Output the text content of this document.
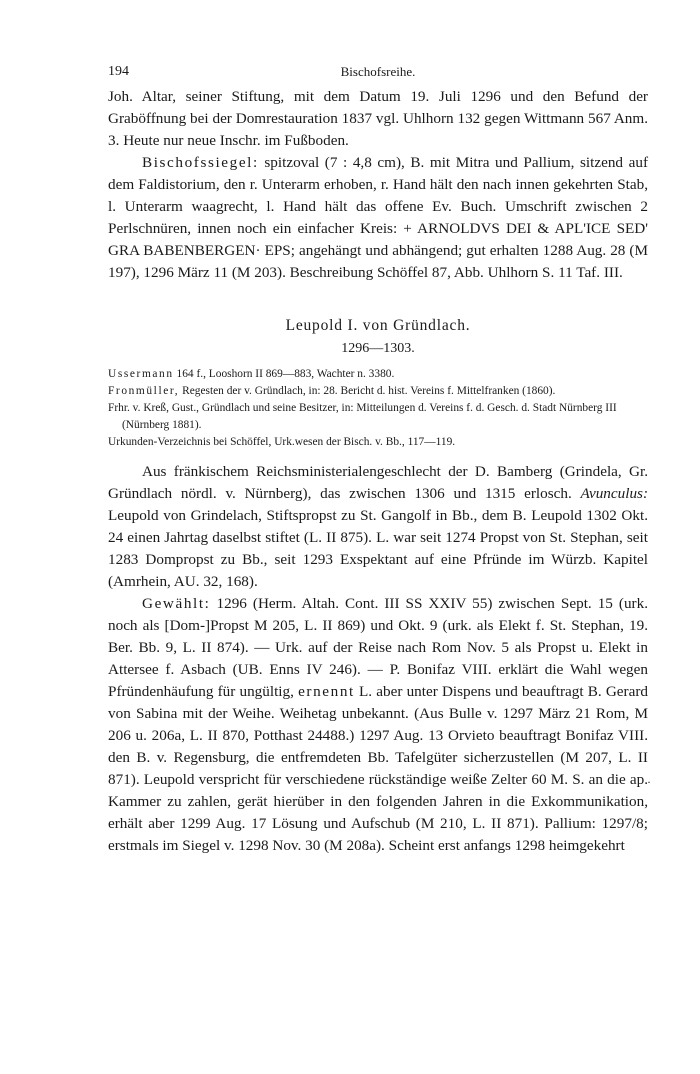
194	Bischofsreihe.

Joh. Altar, seiner Stiftung, mit dem Datum 19. Juli 1296 und den Befund der Graböffnung bei der Domrestauration 1837 vgl. Uhlhorn 132 gegen Wittmann 567 Anm. 3. Heute nur neue Inschr. im Fußboden.

Bischofssiegel: spitzoval (7 : 4,8 cm), B. mit Mitra und Pallium, sitzend auf dem Faldistorium, den r. Unterarm erhoben, r. Hand hält den nach innen gekehrten Stab, l. Unterarm waagrecht, l. Hand hält das offene Ev. Buch. Umschrift zwischen 2 Perlschnüren, innen noch ein einfacher Kreis: + ARNOLDVS DEI & APL'ICE SED' GRA BABENBERGEN· EPS; angehängt und abhängend; gut erhalten 1288 Aug. 28 (M 197), 1296 März 11 (M 203). Beschreibung Schöffel 87, Abb. Uhlhorn S. 11 Taf. III.

Leupold I. von Gründlach.
1296—1303.
Ussermann 164 f., Looshorn II 869—883, Wachter n. 3380.
Fronmüller, Regesten der v. Gründlach, in: 28. Bericht d. hist. Vereins f. Mittelfranken (1860).
Frhr. v. Kreß, Gust., Gründlach und seine Besitzer, in: Mitteilungen d. Vereins f. d. Gesch. d. Stadt Nürnberg III (Nürnberg 1881).
Urkunden-Verzeichnis bei Schöffel, Urk.wesen der Bisch. v. Bb., 117—119.

Aus fränkischem Reichsministerialengeschlecht der D. Bamberg (Grindela, Gr. Gründlach nördl. v. Nürnberg), das zwischen 1306 und 1315 erlosch. Avunculus: Leupold von Grindelach, Stiftspropst zu St. Gangolf in Bb., dem B. Leupold 1302 Okt. 24 einen Jahrtag daselbst stiftet (L. II 875). L. war seit 1274 Propst von St. Stephan, seit 1283 Dompropst zu Bb., seit 1293 Exspektant auf eine Pfründe im Würzb. Kapitel (Amrhein, AU. 32, 168).

Gewählt: 1296 (Herm. Altah. Cont. III SS XXIV 55) zwischen Sept. 15 (urk. noch als [Dom-]Propst M 205, L. II 869) und Okt. 9 (urk. als Elekt f. St. Stephan, 19. Ber. Bb. 9, L. II 874). — Urk. auf der Reise nach Rom Nov. 5 als Propst u. Elekt in Attersee f. Asbach (UB. Enns IV 246). — P. Bonifaz VIII. erklärt die Wahl wegen Pfründenhäufung für ungültig, ernennt L. aber unter Dispens und beauftragt B. Gerard von Sabina mit der Weihe. Weihetag unbekannt. (Aus Bulle v. 1297 März 21 Rom, M 206 u. 206a, L. II 870, Potthast 24488.) 1297 Aug. 13 Orvieto beauftragt Bonifaz VIII. den B. v. Regensburg, die entfremdeten Bb. Tafelgüter sicherzustellen (M 207, L. II 871). Leupold verspricht für verschiedene rückständige weiße Zelter 60 M. S. an die ap. Kammer zu zahlen, gerät hierüber in den folgenden Jahren in die Exkommunikation, erhält aber 1299 Aug. 17 Lösung und Aufschub (M 210, L. II 871). Pallium: 1297/8; erstmals im Siegel v. 1298 Nov. 30 (M 208a). Scheint erst anfangs 1298 heimgekehrt

·
